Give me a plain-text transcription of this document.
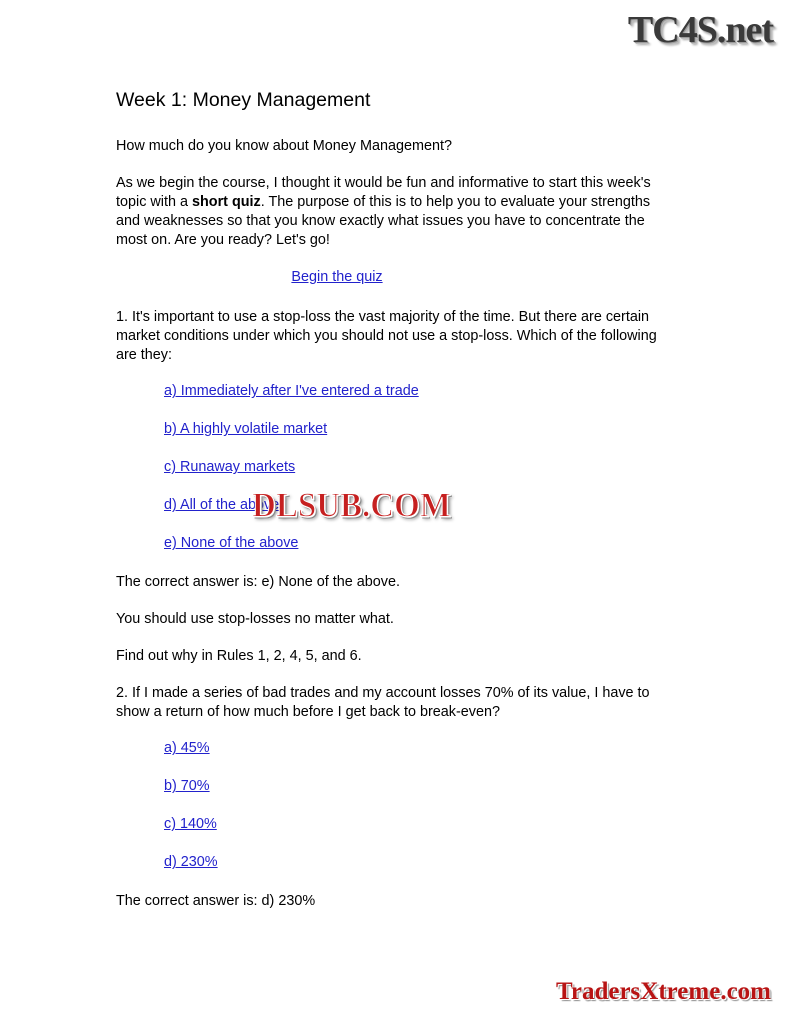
TC4S.net
Week 1: Money Management

How much do you know about Money Management?

As we begin the course, I thought it would be fun and informative to start this week's topic with a short quiz. The purpose of this is to help you to evaluate your strengths and weaknesses so that you know exactly what issues you have to concentrate the most on. Are you ready? Let's go!

Begin the quiz

1. It's important to use a stop-loss the vast majority of the time. But there are certain market conditions under which you should not use a stop-loss. Which of the following are they:

a) Immediately after I've entered a trade
b) A highly volatile market
c) Runaway markets
d) All of the above
e) None of the above

The correct answer is: e) None of the above.

You should use stop-losses no matter what.

Find out why in Rules 1, 2, 4, 5, and 6.

2. If I made a series of bad trades and my account losses 70% of its value, I have to show a return of how much before I get back to break-even?

a) 45%
b) 70%
c) 140%
d) 230%

The correct answer is: d) 230%

DLSUB.COM
TradersXtreme.com
